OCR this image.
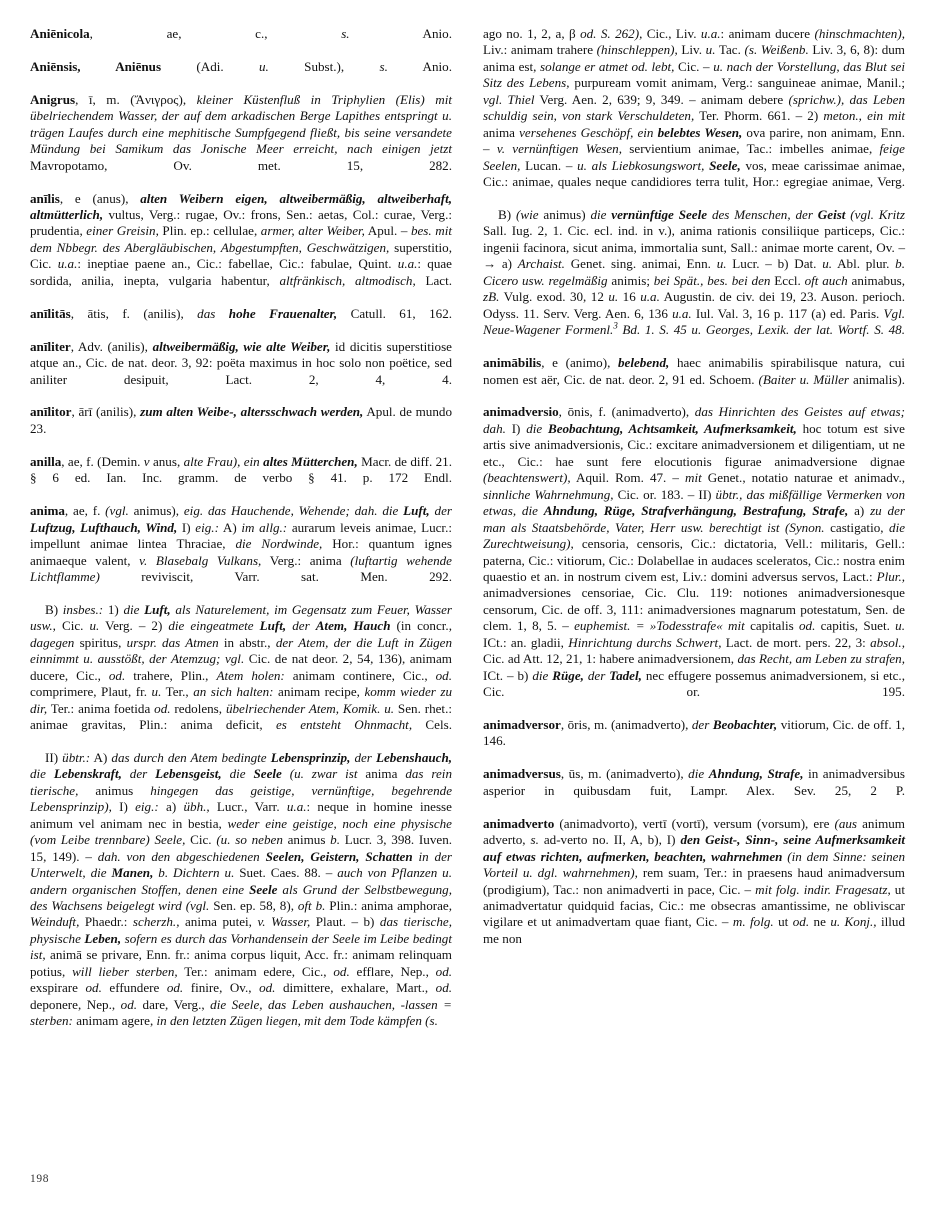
Aniēnicola, ae, c., s. Anio.

Aniēnsis, Aniēnus (Adi. u. Subst.), s. Anio.

Anigrus, ī, m. (Ἄνιγρος), kleiner Küstenfluß in Triphylien (Elis) mit übelriechendem Wasser, der auf dem arkadischen Berge Lapithes entspringt u. trägen Laufes durch eine mephitische Sumpfgegend fließt, bis seine versandete Mündung bei Samikum das Jonische Meer erreicht, nach einigen jetzt Mavropotamo, Ov. met. 15, 282.

anīlis, e (anus), alten Weibern eigen, altweibermäßig, altweiberhaft, altmütterlich, vultus, Verg.: rugae, Ov.: frons, Sen.: aetas, Col.: curae, Verg.: prudentia, einer Greisin, Plin. ep.: cellulae, armer, alter Weiber, Apul. – bes. mit dem Nbbegr. des Abergläubischen, Abgestumpften, Geschwätzigen, superstitio, Cic. u.a.: ineptiae paene an., Cic.: fabellae, Cic.: fabulae, Quint. u.a.: quae sordida, anilia, inepta, vulgaria habentur, altfränkisch, altmodisch, Lact.

anīlitās, ātis, f. (anilis), das hohe Frauenalter, Catull. 61, 162.

anīliter, Adv. (anilis), altweibermäßig, wie alte Weiber, id dicitis superstitiose atque an., Cic. de nat. deor. 3, 92: poëta maximus in hoc solo non poëtice, sed aniliter desipuit, Lact. 2, 4, 4.

anīlitor, ārī (anilis), zum alten Weibe-, altersschwach werden, Apul. de mundo 23.

anilla, ae, f. (Demin. v anus, alte Frau), ein altes Mütterchen, Macr. de diff. 21. § 6 ed. Ian. Inc. gramm. de verbo § 41. p. 172 Endl.

anima, ae, f. (vgl. animus), eig. das Hauchende, Wehende; dah. die Luft, der Luftzug, Lufthauch, Wind, I) eig.: A) im allg.: aurarum leveis animae, Lucr.: impellunt animae lintea Thraciae, die Nordwinde, Hor.: quantum ignes animaeque valent, v. Blasebalg Vulkans, Verg.: anima (luftartig wehende Lichtflamme) reviviscit, Varr. sat. Men. 292.

B) insbes.: 1) die Luft, als Naturelement, im Gegensatz zum Feuer, Wasser usw., Cic. u. Verg. – 2) die eingeatmete Luft, der Atem, Hauch (in concr., dagegen spiritus, urspr. das Atmen in abstr., der Atem, der die Luft in Zügen einnimmt u. ausstößt, der Atemzug; vgl. Cic. de nat deor. 2, 54, 136), animam ducere, Cic., od. trahere, Plin., Atem holen: animam continere, Cic., od. comprimere, Plaut, fr. u. Ter., an sich halten: animam recipe, komm wieder zu dir, Ter.: anima foetida od. redolens, übelriechender Atem, Komik. u. Sen. rhet.: animae gravitas, Plin.: anima deficit, es entsteht Ohnmacht, Cels.

II) übtr.: A) das durch den Atem bedingte Lebensprinzip, der Lebenshauch, die Lebenskraft, der Lebensgeist, die Seele (u. zwar ist anima das rein tierische, animus hingegen das geistige, vernünftige, begehrende Lebensprinzip), I) eig.: a) übh., Lucr., Varr. u.a.: neque in homine inesse animum vel animam nec in bestia, weder eine geistige, noch eine physische (vom Leibe trennbare) Seele, Cic. (u. so neben animus b. Lucr. 3, 398. Iuven. 15, 149). – dah. von den abgeschiedenen Seelen, Geistern, Schatten in der Unterwelt, die Manen, b. Dichtern u. Suet. Caes. 88. – auch von Pflanzen u. andern organischen Stoffen, denen eine Seele als Grund der Selbstbewegung, des Wachsens beigelegt wird (vgl. Sen. ep. 58, 8), oft b. Plin.: anima amphorae, Weinduft, Phaedr.: scherzh., anima putei, v. Wasser, Plaut. – b) das tierische, physische Leben, sofern es durch das Vorhandensein der Seele im Leibe bedingt ist, animā se privare, Enn. fr.: anima corpus liquit, Acc. fr.: animam relinquam potius, will lieber sterben, Ter.: animam edere, Cic., od. efflare, Nep., od. exspirare od. effundere od. finire, Ov., od. dimittere, exhalare, Mart., od. deponere, Nep., od. dare, Verg., die Seele, das Leben aushauchen, -lassen = sterben: animam agere, in den letzten Zügen liegen, mit dem Tode kämpfen (s.

ago no. 1, 2, a, β od. S. 262), Cic., Liv. u.a.: animam ducere (hinschmachten), Liv.: animam trahere (hinschleppen), Liv. u. Tac. (s. Weißenb. Liv. 3, 6, 8): dum anima est, solange er atmet od. lebt, Cic. – u. nach der Vorstellung, das Blut sei Sitz des Lebens, purpuream vomit animam, Verg.: sanguineae animae, Manil.; vgl. Thiel Verg. Aen. 2, 639; 9, 349. – animam debere (sprichw.), das Leben schuldig sein, von stark Verschuldeten, Ter. Phorm. 661. – 2) meton., ein mit anima versehenes Geschöpf, ein belebtes Wesen, ova parire, non animam, Enn. – v. vernünftigen Wesen, servientium animae, Tac.: imbelles animae, feige Seelen, Lucan. – u. als Liebkosungswort, Seele, vos, meae carissimae animae, Cic.: animae, quales neque candidiores terra tulit, Hor.: egregiae animae, Verg.

B) (wie animus) die vernünftige Seele des Menschen, der Geist (vgl. Kritz Sall. Iug. 2, 1. Cic. ecl. ind. in v.), anima rationis consiliique particeps, Cic.: ingenii facinora, sicut anima, immortalia sunt, Sall.: animae morte carent, Ov. – → a) Archaist. Genet. sing. animai, Enn. u. Lucr. – b) Dat. u. Abl. plur. b. Cicero usw. regelmäßig animis; bei Spät., bes. bei den Eccl. oft auch animabus, zB. Vulg. exod. 30, 12 u. 16 u.a. Augustin. de civ. dei 19, 23. Auson. perioch. Odyss. 11. Serv. Verg. Aen. 6, 136 u.a. Iul. Val. 3, 16 p. 117 (a) ed. Paris. Vgl. Neue-Wagener Formenl.$^3$ Bd. 1. S. 45 u. Georges, Lexik. der lat. Wortf. S. 48.

animābilis, e (animo), belebend, haec animabilis spirabilisque natura, cui nomen est aër, Cic. de nat. deor. 2, 91 ed. Schoem. (Baiter u. Müller animalis).

animadversio, ōnis, f. (animadverto), das Hinrichten des Geistes auf etwas; dah. I) die Beobachtung, Achtsamkeit, Aufmerksamkeit, hoc totum est sive artis sive animadversionis, Cic.: excitare animadversionem et diligentiam, ut ne etc., Cic.: hae sunt fere elocutionis figurae animadversione dignae (beachtenswert), Aquil. Rom. 47. – mit Genet., notatio naturae et animadv., sinnliche Wahrnehmung, Cic. or. 183. – II) übtr., das mißfällige Vermerken von etwas, die Ahndung, Rüge, Strafverhängung, Bestrafung, Strafe, a) zu der man als Staatsbehörde, Vater, Herr usw. berechtigt ist (Synon. castigatio, die Zurechtweisung), censoria, censoris, Cic.: dictatoria, Vell.: militaris, Gell.: paterna, Cic.: vitiorum, Cic.: Dolabellae in audaces sceleratos, Cic.: nostra enim quaestio et an. in nostrum civem est, Liv.: domini adversus servos, Lact.: Plur., animadversiones censoriae, Cic. Clu. 119: notiones animadversionesque censorum, Cic. de off. 3, 111: animadversiones magnarum potestatum, Sen. de clem. 1, 8, 5. – euphemist. = »Todesstrafe« mit capitalis od. capitis, Suet. u. ICt.: an. gladii, Hinrichtung durchs Schwert, Lact. de mort. pers. 22, 3: absol., Cic. ad Att. 12, 21, 1: habere animadversionem, das Recht, am Leben zu strafen, ICt. – b) die Rüge, der Tadel, nec effugere possemus animadversionem, si etc., Cic. or. 195.

animadversor, ōris, m. (animadverto), der Beobachter, vitiorum, Cic. de off. 1, 146.

animadversus, ūs, m. (animadverto), die Ahndung, Strafe, in animadversibus asperior in quibusdam fuit, Lampr. Alex. Sev. 25, 2 P.

animadverto (animadvorto), vertī (vortī), versum (vorsum), ere (aus animum adverto, s. ad-verto no. II, A, b), I) den Geist-, Sinn-, seine Aufmerksamkeit auf etwas richten, aufmerken, beachten, wahrnehmen (in dem Sinne: seinen Vorteil u. dgl. wahrnehmen), rem suam, Ter.: in praesens haud animadversum (prodigium), Tac.: non animadverti in pace, Cic. – mit folg. indir. Fragesatz, ut animadvertatur quidquid facias, Cic.: me obsecras amantissime, ne obliviscar vigilare et ut animadvertam quae fiant, Cic. – m. folg. ut od. ne u. Konj., illud me non

198
